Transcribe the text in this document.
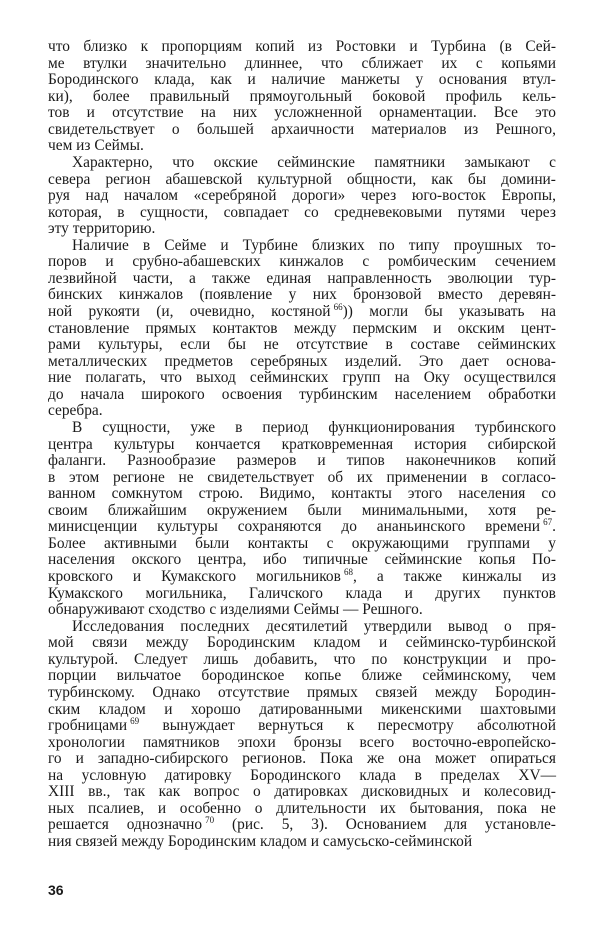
что близко к пропорциям копий из Ростовки и Турбина (в Сей-
ме втулки значительно длиннее, что сближает их с копьями
Бородинского клада, как и наличие манжеты у основания втул-
ки), более правильный прямоугольный боковой профиль кель-
тов и отсутствие на них усложненной орнаментации. Все это
свидетельствует о большей архаичности материалов из Решного,
чем из Сеймы.
Характерно, что окские сейминские памятники замыкают с
севера регион абашевской культурной общности, как бы домини-
руя над началом «серебряной дороги» через юго-восток Европы,
которая, в сущности, совпадает со средневековыми путями через
эту территорию.
Наличие в Сейме и Турбине близких по типу проушных то-
поров и срубно-абашевских кинжалов с ромбическим сечением
лезвийной части, а также единая направленность эволюции тур-
бинских кинжалов (появление у них бронзовой вместо деревян-
ной рукояти (и, очевидно, костяной  $^{66}$)) могли бы указывать на
становление прямых контактов между пермским и окским цент-
рами культуры, если бы не отсутствие в составе сейминских
металлических предметов серебряных изделий. Это дает основа-
ние полагать, что выход сейминских групп на Оку осуществился
до начала широкого освоения турбинским населением обработки
серебра.
В сущности, уже в период функционирования турбинского
центра культуры кончается кратковременная история сибирской
фаланги. Разнообразие размеров и типов наконечников копий
в этом регионе не свидетельствует об их применении в согласо-
ванном сомкнутом строю. Видимо, контакты этого населения со
своим ближайшим окружением были минимальными, хотя ре-
минисценции культуры сохраняются до ананьинского времени  $^{67}$.
Более активными были контакты с окружающими группами у
населения окского центра, ибо типичные сейминские копья По-
кровского и Кумакского могильников  $^{68}$, а также кинжалы из
Кумакского могильника, Галичского клада и других пунктов
обнаруживают сходство с изделиями Сеймы — Решного.
Исследования последних десятилетий утвердили вывод о пря-
мой связи между Бородинским кладом и сейминско-турбинской
культурой. Следует лишь добавить, что по конструкции и про-
порции вильчатое бородинское копье ближе сейминскому, чем
турбинскому. Однако отсутствие прямых связей между Бородин-
ским кладом и хорошо датированными микенскими шахтовыми
гробницами  $^{69}$ вынуждает вернуться к пересмотру абсолютной
хронологии памятников эпохи бронзы всего восточно-европейско-
го и западно-сибирского регионов. Пока же она может опираться
на условную датировку Бородинского клада в пределах XV—
XIII вв., так как вопрос о датировках дисковидных и колесовид-
ных псалиев, и особенно о длительности их бытования, пока не
решается однозначно  $^{70}$ (рис. 5, 3). Основанием для установле-
ния связей между Бородинским кладом и самусьско-сейминской
36
